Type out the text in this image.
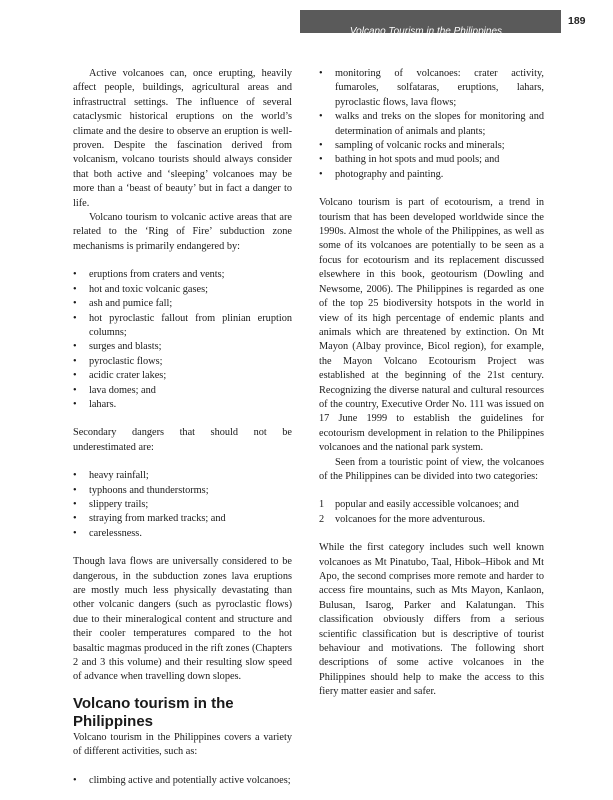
Volcano Tourism in the Philippines
189

Active volcanoes can, once erupting, heavily affect people, buildings, agricultural areas and infrastructral settings. The influence of several cataclysmic historical eruptions on the world’s climate and the desire to observe an eruption is well-proven. Despite the fascination derived from volcanism, volcano tourists should always consider that both active and ‘sleeping’ volcanoes may be more than a ‘beast of beauty’ but in fact a danger to life.

Volcano tourism to volcanic active areas that are related to the ‘Ring of Fire’ subduction zone mechanisms is primarily endangered by:

• eruptions from craters and vents;
• hot and toxic volcanic gases;
• ash and pumice fall;
• hot pyroclastic fallout from plinian eruption columns;
• surges and blasts;
• pyroclastic flows;
• acidic crater lakes;
• lava domes; and
• lahars.

Secondary dangers that should not be underestimated are:

• heavy rainfall;
• typhoons and thunderstorms;
• slippery trails;
• straying from marked tracks; and
• carelessness.

Though lava flows are universally considered to be dangerous, in the subduction zones lava eruptions are mostly much less physically devastating than other volcanic dangers (such as pyroclastic flows) due to their mineralogical content and structure and their cooler temperatures compared to the hot basaltic magmas produced in the rift zones (Chapters 2 and 3 this volume) and their resulting slow speed of advance when travelling down slopes.

Volcano tourism in the Philippines

Volcano tourism in the Philippines covers a variety of different activities, such as:

• climbing active and potentially active volcanoes;
• monitoring of volcanoes: crater activity, fumaroles, solfataras, eruptions, lahars, pyroclastic flows, lava flows;
• walks and treks on the slopes for monitoring and determination of animals and plants;
• sampling of volcanic rocks and minerals;
• bathing in hot spots and mud pools; and
• photography and painting.

Volcano tourism is part of ecotourism, a trend in tourism that has been developed worldwide since the 1990s. Almost the whole of the Philippines, as well as some of its volcanoes are potentially to be seen as a focus for ecotourism and its replacement discussed elsewhere in this book, geotourism (Dowling and Newsome, 2006). The Philippines is regarded as one of the top 25 biodiversity hotspots in the world in view of its high percentage of endemic plants and animals which are threatened by extinction. On Mt Mayon (Albay province, Bicol region), for example, the Mayon Volcano Ecotourism Project was established at the beginning of the 21st century. Recognizing the diverse natural and cultural resources of the country, Executive Order No. 111 was issued on 17 June 1999 to establish the guidelines for ecotourism development in relation to the Philippines volcanoes and the national park system.

Seen from a touristic point of view, the volcanoes of the Philippines can be divided into two categories:

1 popular and easily accessible volcanoes; and
2 volcanoes for the more adventurous.

While the first category includes such well known volcanoes as Mt Pinatubo, Taal, Hibok–Hibok and Mt Apo, the second comprises more remote and harder to access fire mountains, such as Mts Mayon, Kanlaon, Bulusan, Isarog, Parker and Kalatungan. This classification obviously differs from a serious scientific classification but is descriptive of tourist behaviour and motivations. The following short descriptions of some active volcanoes in the Philippines should help to make the access to this fiery matter easier and safer.
